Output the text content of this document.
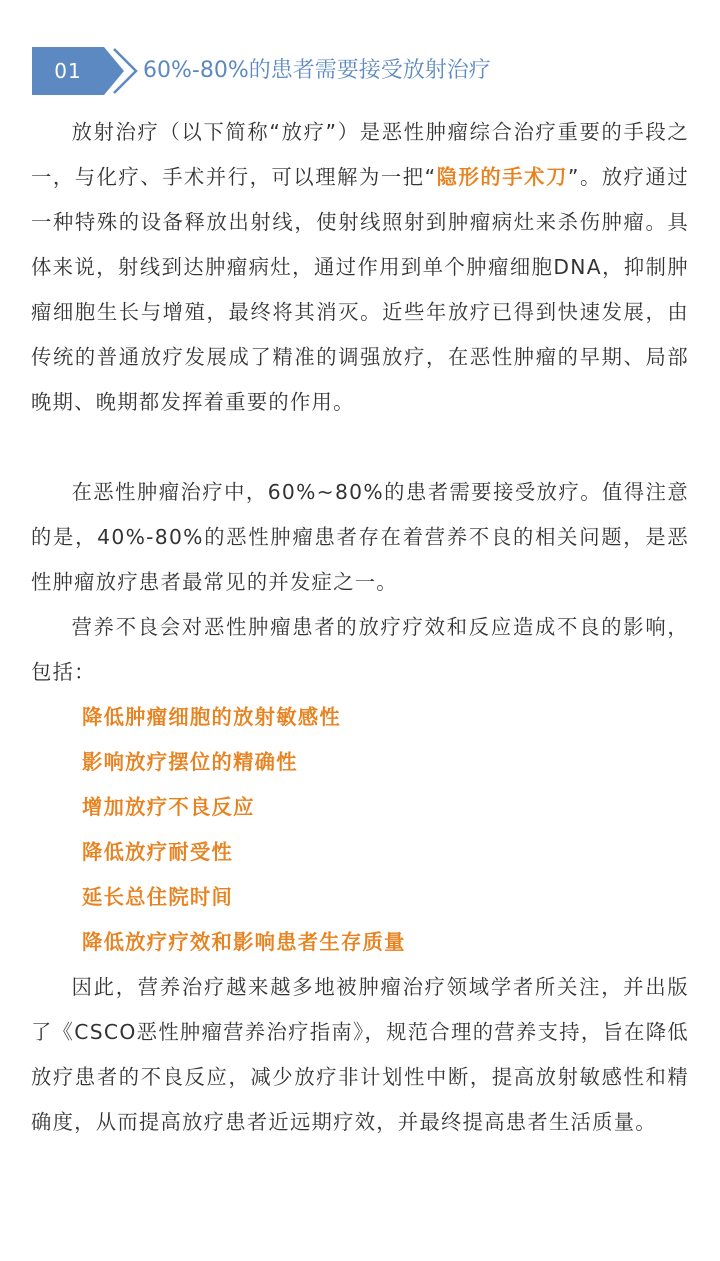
01	60%-80%的患者需要接受放射治疗

放射治疗（以下简称“放疗”）是恶性肿瘤综合治疗重要的手段之一，与化疗、手术并行，可以理解为一把“隐形的手术刀”。放疗通过一种特殊的设备释放出射线，使射线照射到肿瘤病灶来杀伤肿瘤。具体来说，射线到达肿瘤病灶，通过作用到单个肿瘤细胞DNA，抑制肿瘤细胞生长与增殖，最终将其消灭。近些年放疗已得到快速发展，由传统的普通放疗发展成了精准的调强放疗，在恶性肿瘤的早期、局部晚期、晚期都发挥着重要的作用。

在恶性肿瘤治疗中，60%~80%的患者需要接受放疗。值得注意的是，40%-80%的恶性肿瘤患者存在着营养不良的相关问题，是恶性肿瘤放疗患者最常见的并发症之一。

营养不良会对恶性肿瘤患者的放疗疗效和反应造成不良的影响，包括：

降低肿瘤细胞的放射敏感性
影响放疗摆位的精确性
增加放疗不良反应
降低放疗耐受性
延长总住院时间
降低放疗疗效和影响患者生存质量

因此，营养治疗越来越多地被肿瘤治疗领域学者所关注，并出版了《CSCO恶性肿瘤营养治疗指南》，规范合理的营养支持，旨在降低放疗患者的不良反应，减少放疗非计划性中断，提高放射敏感性和精确度，从而提高放疗患者近远期疗效，并最终提高患者生活质量。
